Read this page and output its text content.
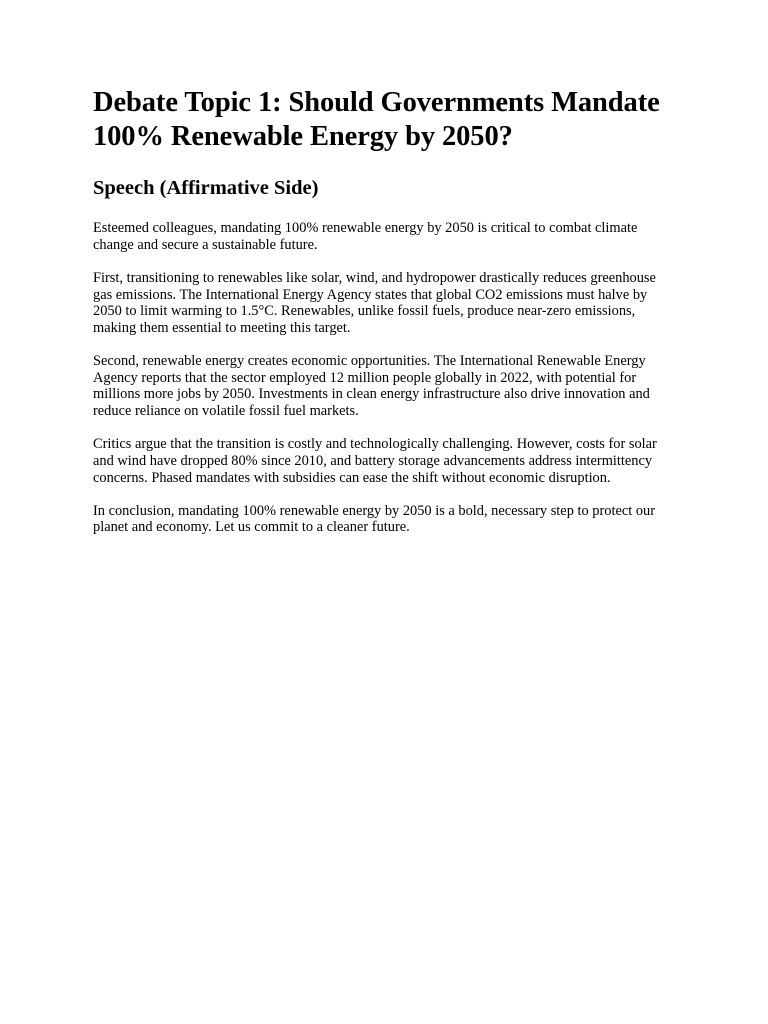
Debate Topic 1: Should Governments Mandate 100% Renewable Energy by 2050?
Speech (Affirmative Side)

Esteemed colleagues, mandating 100% renewable energy by 2050 is critical to combat climate change and secure a sustainable future.

First, transitioning to renewables like solar, wind, and hydropower drastically reduces greenhouse gas emissions. The International Energy Agency states that global CO2 emissions must halve by 2050 to limit warming to 1.5°C. Renewables, unlike fossil fuels, produce near-zero emissions, making them essential to meeting this target.

Second, renewable energy creates economic opportunities. The International Renewable Energy Agency reports that the sector employed 12 million people globally in 2022, with potential for millions more jobs by 2050. Investments in clean energy infrastructure also drive innovation and reduce reliance on volatile fossil fuel markets.

Critics argue that the transition is costly and technologically challenging. However, costs for solar and wind have dropped 80% since 2010, and battery storage advancements address intermittency concerns. Phased mandates with subsidies can ease the shift without economic disruption.

In conclusion, mandating 100% renewable energy by 2050 is a bold, necessary step to protect our planet and economy. Let us commit to a cleaner future.
